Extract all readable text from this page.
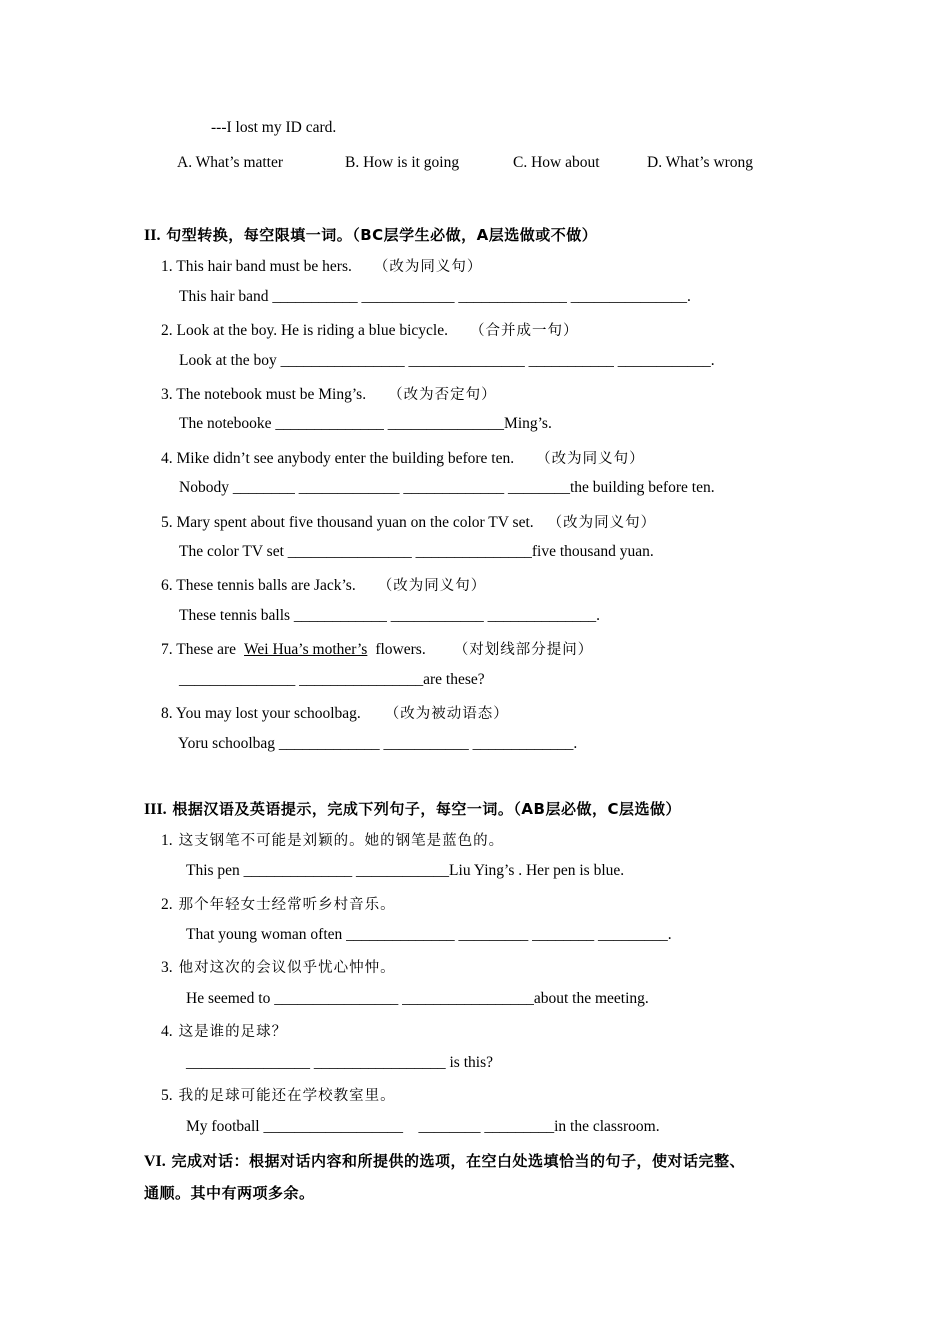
---I lost my ID card.
A. What’s matter	B. How is it going	C. How about	D. What’s wrong
II. 句型转换，每空限填一词。（BC层学生必做，A层选做或不做）
1. This hair band must be hers. （改为同义句）
This hair band ___________ ____________ ______________ _______________.
2. Look at the boy. He is riding a blue bicycle. （合并成一句）
Look at the boy ________________ _______________ ___________ ____________.
3. The notebook must be Ming’s. （改为否定句）
The notebooke ______________ _______________Ming’s.
4. Mike didn’t see anybody enter the building before ten. （改为同义句）
Nobody ________ _____________ _____________ ________the building before ten.
5. Mary spent about five thousand yuan on the color TV set. （改为同义句）
The color TV set ________________ _______________five thousand yuan.
6. These tennis balls are Jack’s. （改为同义句）
These tennis balls ____________ ____________ ______________.
7. These are Wei Hua’s mother’s flowers. （对划线部分提问）
_______________ ________________are these?
8. You may lost your schoolbag. （改为被动语态）
Yoru schoolbag _____________ ___________ _____________.
III. 根据汉语及英语提示，完成下列句子，每空一词。（AB层必做，C层选做）
1. 这支钢笔不可能是刘颖的。她的钢笔是蓝色的。
This pen ______________ ____________Liu Ying’s . Her pen is blue.
2. 那个年轻女士经常听乡村音乐。
That young woman often ______________ _________ ________ _________.
3. 他对这次的会议似乎忧心忡忡。
He seemed to ________________ _________________about the meeting.
4. 这是谁的足球？
________________ _________________ is this?
5. 我的足球可能还在学校教室里。
My football __________________    ________ _________in the classroom.
VI. 完成对话：根据对话内容和所提供的选项，在空白处选填恰当的句子，使对话完整、
通顺。其中有两项多余。
